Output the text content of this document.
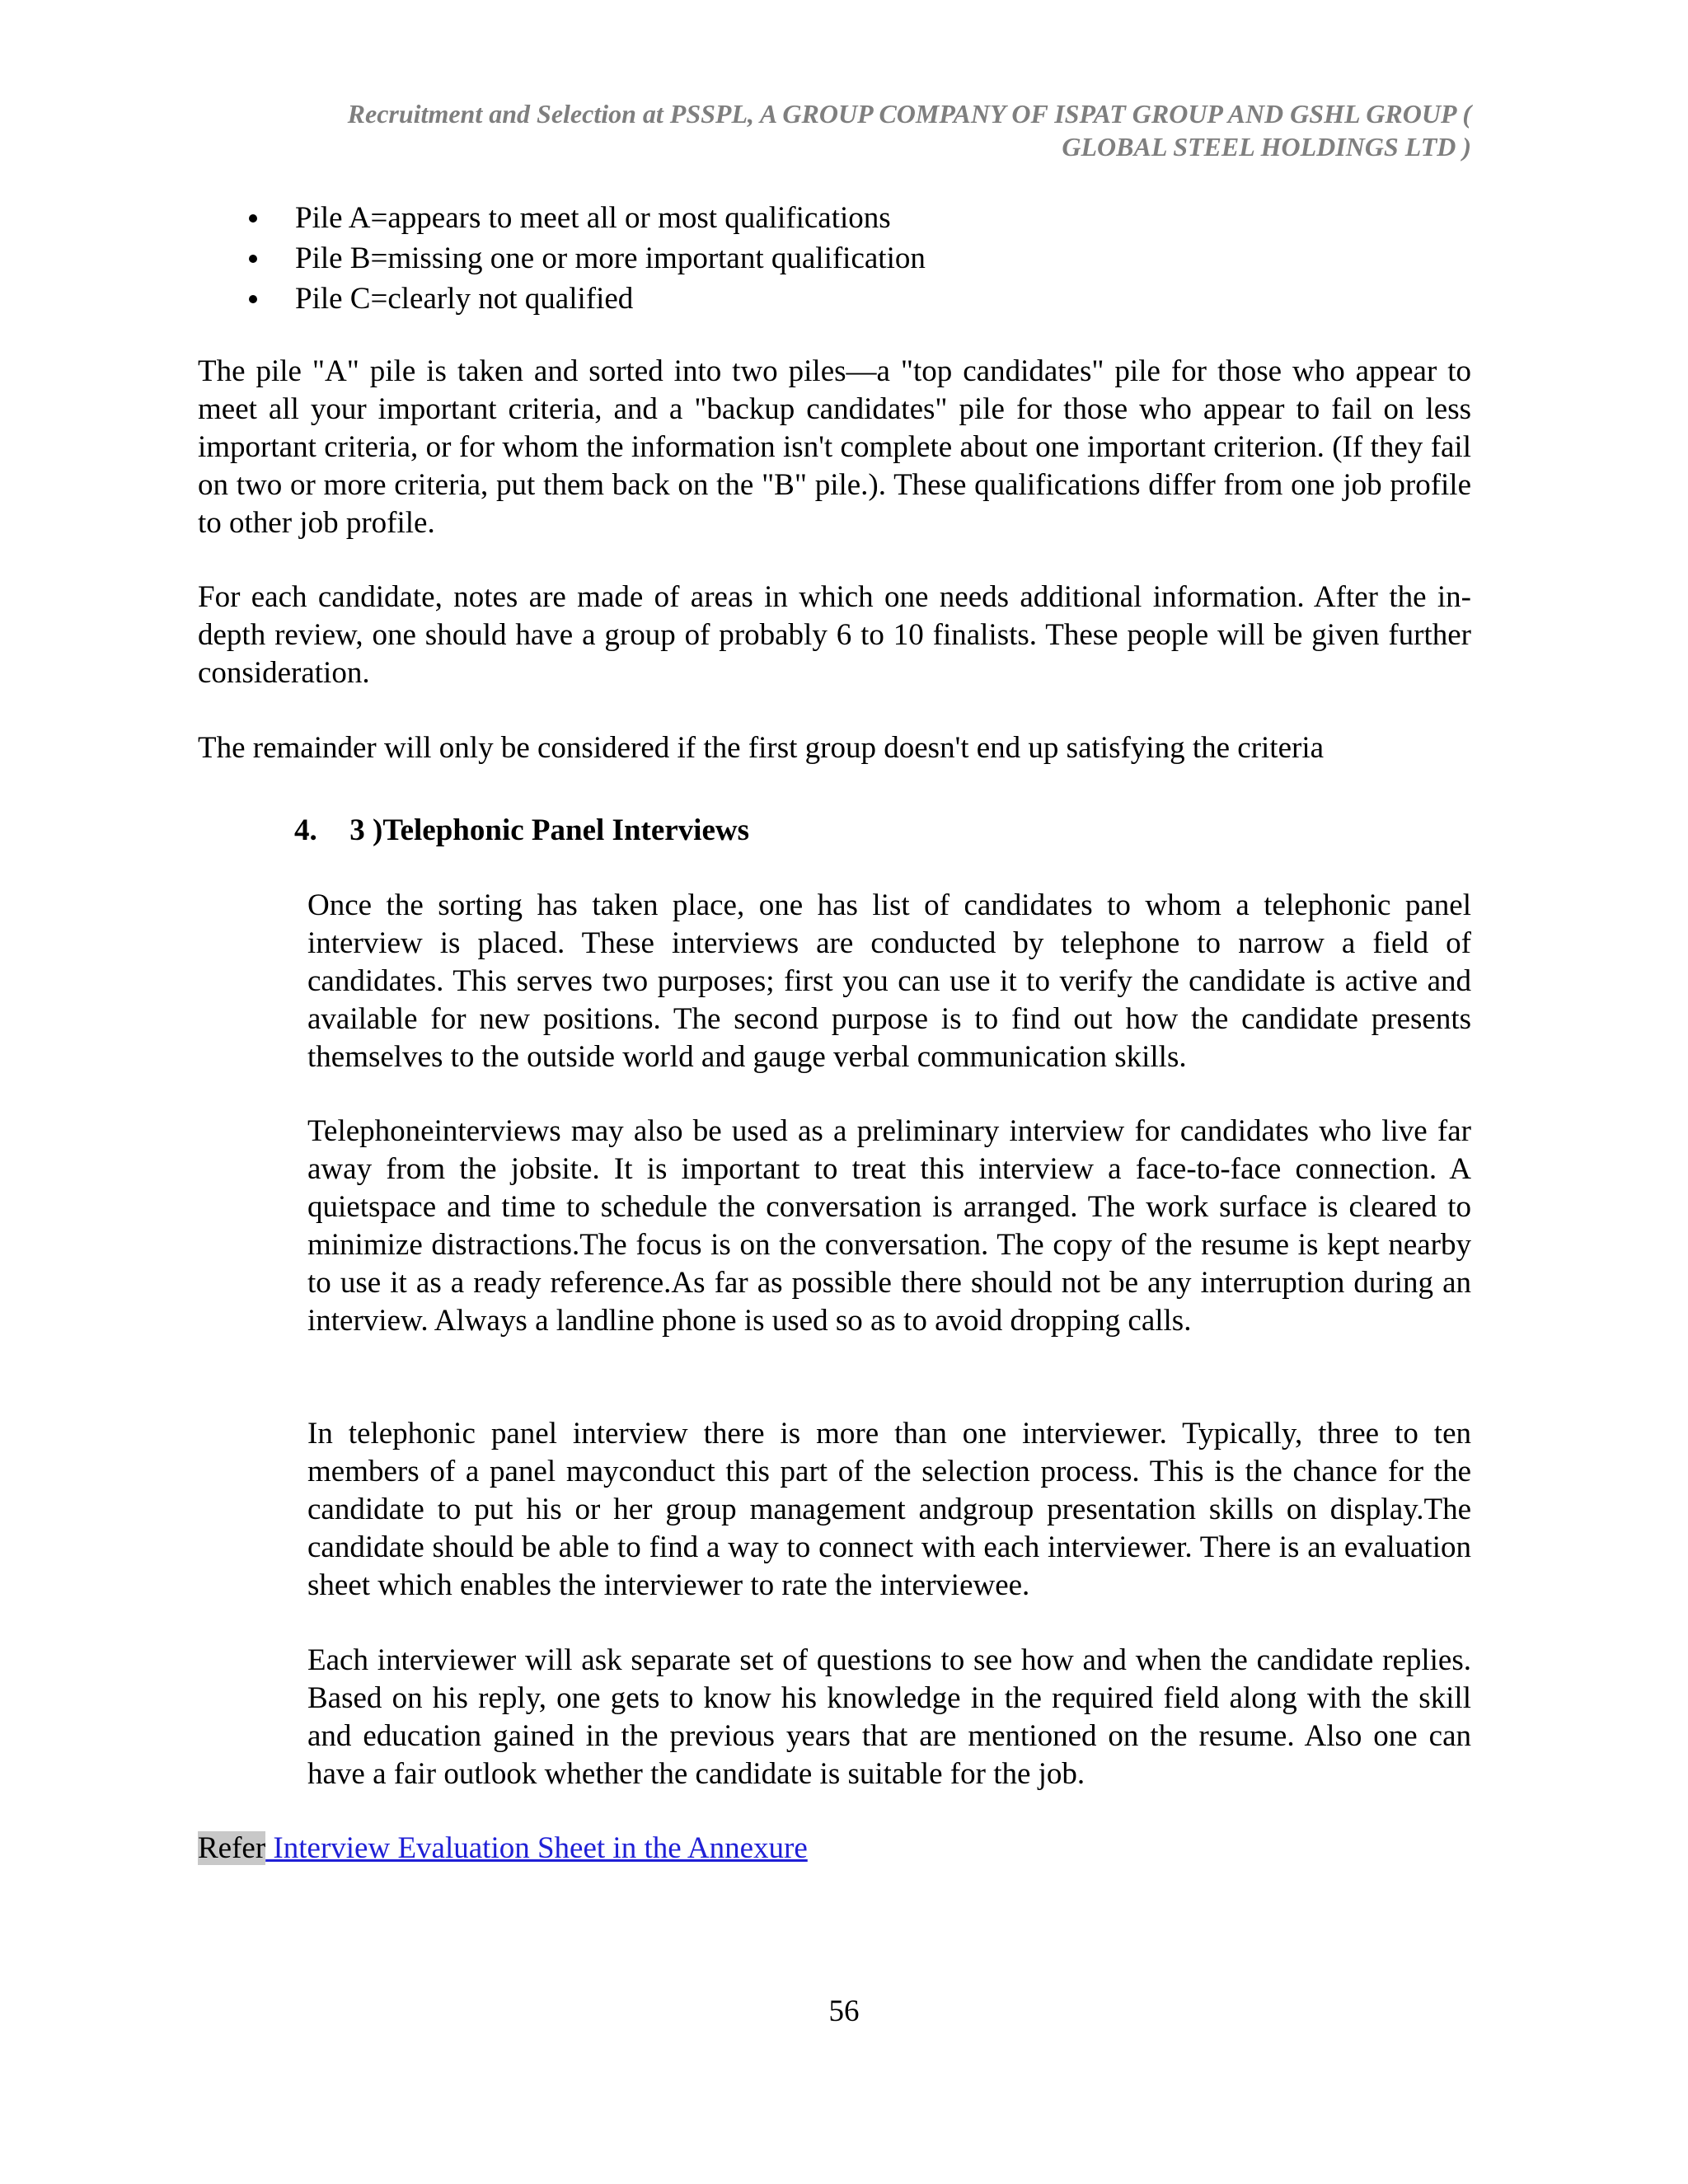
Recruitment and Selection at PSSPL, A GROUP COMPANY OF ISPAT GROUP AND GSHL GROUP (
GLOBAL STEEL HOLDINGS LTD )
Pile A=appears to meet all or most qualifications
Pile B=missing one or more important qualification
Pile C=clearly not qualified

The pile "A" pile is taken and sorted into two piles—a "top candidates" pile for those who appear to meet all your important criteria, and a "backup candidates" pile for those who appear to fail on less important criteria, or for whom the information isn't complete about one important criterion. (If they fail on two or more criteria, put them back on the "B" pile.). These qualifications differ from one job profile to other job profile.

For each candidate, notes are made of areas in which one needs additional information. After the in-depth review, one should have a group of probably 6 to 10 finalists. These people will be given further consideration.

The remainder will only be considered if the first group doesn't end up satisfying the criteria

4. 3 )Telephonic Panel Interviews

Once the sorting has taken place, one has list of candidates to whom a telephonic panel interview is placed. These interviews are conducted by telephone to narrow a field of candidates. This serves two purposes; first you can use it to verify the candidate is active and available for new positions. The second purpose is to find out how the candidate presents themselves to the outside world and gauge verbal communication skills.

Telephoneinterviews may also be used as a preliminary interview for candidates who live far away from the jobsite. It is important to treat this interview a face-to-face connection. A quietspace and time to schedule the conversation is arranged. The work surface is cleared to minimize distractions.The focus is on the conversation. The copy of the resume is kept nearby to use it as a ready reference.As far as possible there should not be any interruption during an interview. Always a landline phone is used so as to avoid dropping calls.

In telephonic panel interview there is more than one interviewer. Typically, three to ten members of a panel mayconduct this part of the selection process. This is the chance for the candidate to put his or her group management andgroup presentation skills on display.The candidate should be able to find a way to connect with each interviewer. There is an evaluation sheet which enables the interviewer to rate the interviewee.

Each interviewer will ask separate set of questions to see how and when the candidate replies. Based on his reply, one gets to know his knowledge in the required field along with the skill and education gained in the previous years that are mentioned on the resume. Also one can have a fair outlook whether the candidate is suitable for the job.

Refer Interview Evaluation Sheet in the Annexure
56
